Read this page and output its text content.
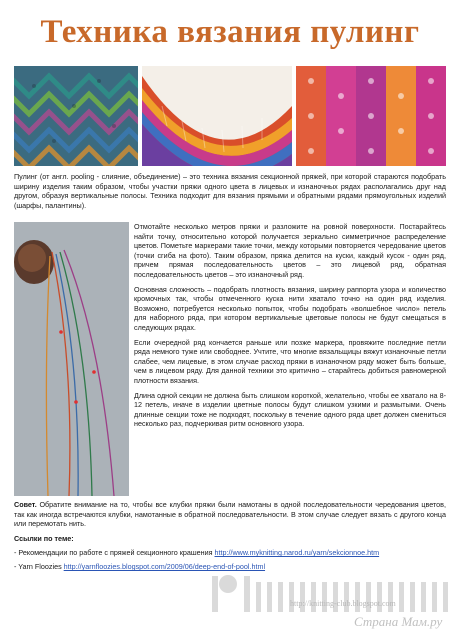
Техника вязания пулинг
Пулинг (от англ. pooling - слияние, объединение) – это техника вязания секционной пряжей, при которой стараются подобрать ширину изделия таким образом, чтобы участки пряжи одного цвета в лицевых и изнаночных рядах располагались друг над другом, образуя вертикальные полосы. Техника подходит для вязания прямыми и обратными рядами прямоугольных изделий (шарфы, палантины).

Отмотайте несколько метров пряжи и разложите на ровной поверхности. Постарайтесь найти точку, относительно которой получается зеркально симметричное распределение цветов. Пометьте маркерами такие точки, между которыми повторяется чередование цветов (точки сгиба на фото). Таким образом, пряжа делится на куски, каждый кусок - один ряд, причем прямая последовательность цветов – это лицевой ряд, обратная последовательность цветов – это изнаночный ряд.

Основная сложность – подобрать плотность вязания, ширину раппорта узора и количество кромочных так, чтобы отмеченного куска нити хватало точно на один ряд изделия. Возможно, потребуется несколько попыток, чтобы подобрать «волшебное число» петель для наборного ряда, при котором вертикальные цветовые полосы не будут смещаться в следующих рядах.

Если очередной ряд кончается раньше или позже маркера, провяжите последние петли ряда немного туже или свободнее. Учтите, что многие вязальщицы вяжут изнаночные петли слабее, чем лицевые, в этом случае расход пряжи в изнаночном ряду может быть больше, чем в лицевом ряду. Для данной техники это критично – старайтесь добиться равномерной плотности вязания.

Длина одной секции не должна быть слишком короткой, желательно, чтобы ее хватало на 8-12 петель, иначе в изделии цветные полосы будут слишком узкими и размытыми. Очень длинные секции тоже не подходят, поскольку в течение одного ряда цвет должен смениться несколько раз, подчеркивая ритм основного узора.

Совет. Обратите внимание на то, чтобы все клубки пряжи были намотаны в одной последовательности чередования цветов, так как иногда встречаются клубки, намотанные в обратной последовательности. В этом случае следует вязать с другого конца или перемотать нить.
Ссылки по теме:
- Рекомендации по работе с пряжей секционного крашения http://www.myknitting.narod.ru/yarn/sekcionnoe.htm
- Yarn Floozies http://yarnfloozies.blogspot.com/2009/06/deep-end-of-pool.html
http://knitting-club.blogspot.com
Страна Мам.ру
